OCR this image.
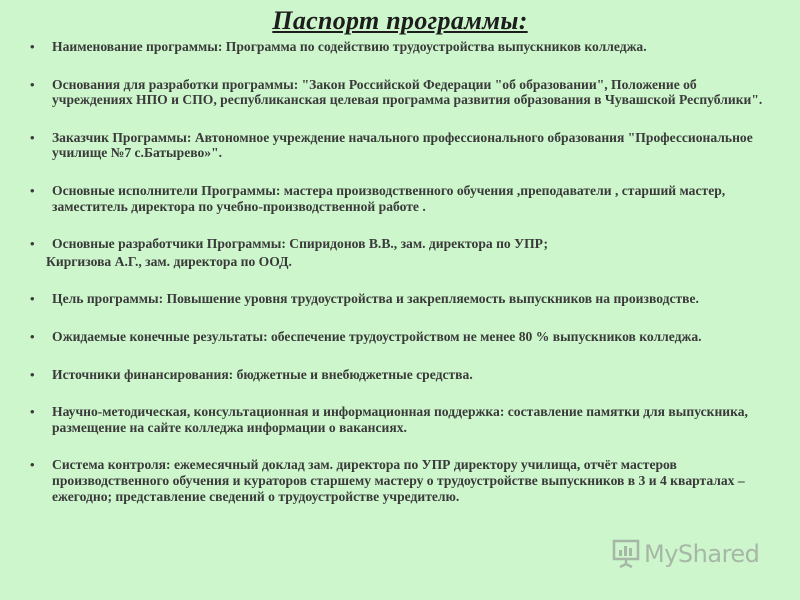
Паспорт программы:
• Наименование программы: Программа по содействию трудоустройства выпускников колледжа.
• Основания для разработки программы: "Закон Российской Федерации "об образовании", Положение об учреждениях НПО и СПО, республиканская целевая программа развития образования в Чувашской Республики".
• Заказчик Программы: Автономное учреждение начального профессионального образования "Профессиональное училище №7 с.Батырево»".
• Основные исполнители Программы: мастера производственного обучения ,преподаватели , старший мастер, заместитель директора по учебно-производственной работе .
• Основные разработчики Программы: Спиридонов В.В., зам. директора по УПР;
Киргизова А.Г., зам. директора по ООД.
• Цель программы: Повышение уровня трудоустройства и закрепляемость выпускников на производстве.
• Ожидаемые конечные результаты: обеспечение трудоустройством не менее 80 % выпускников колледжа.
• Источники финансирования: бюджетные и внебюджетные средства.
• Научно-методическая, консультационная и информационная поддержка: составление памятки для выпускника, размещение на сайте колледжа информации о вакансиях.
• Система контроля: ежемесячный доклад зам. директора по УПР директору училища, отчёт мастеров производственного обучения и кураторов старшему мастеру о трудоустройстве выпускников в 3 и 4 кварталах – ежегодно; представление сведений о трудоустройстве учредителю.
MyShared
